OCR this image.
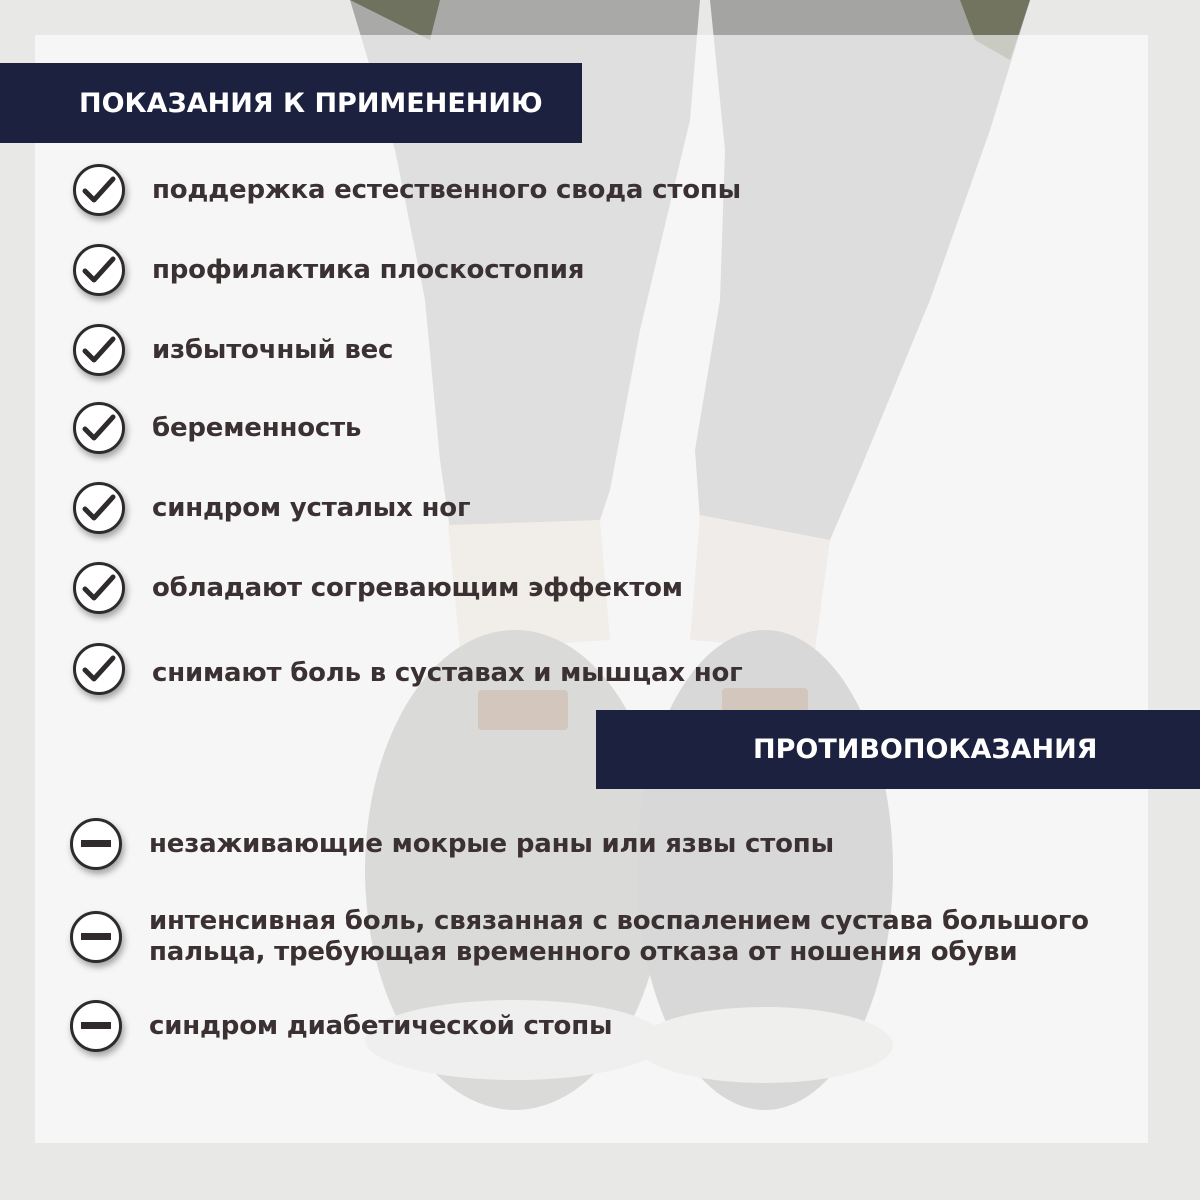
ПОКАЗАНИЯ К ПРИМЕНЕНИЮ
поддержка естественного свода стопы
профилактика плоскостопия
избыточный вес
беременность
синдром усталых ног
обладают согревающим эффектом
снимают боль в суставах и мышцах ног
ПРОТИВОПОКАЗАНИЯ
незаживающие мокрые раны или язвы стопы
интенсивная боль, связанная с воспалением сустава большого
пальца, требующая временного отказа от ношения обуви
синдром диабетической стопы
